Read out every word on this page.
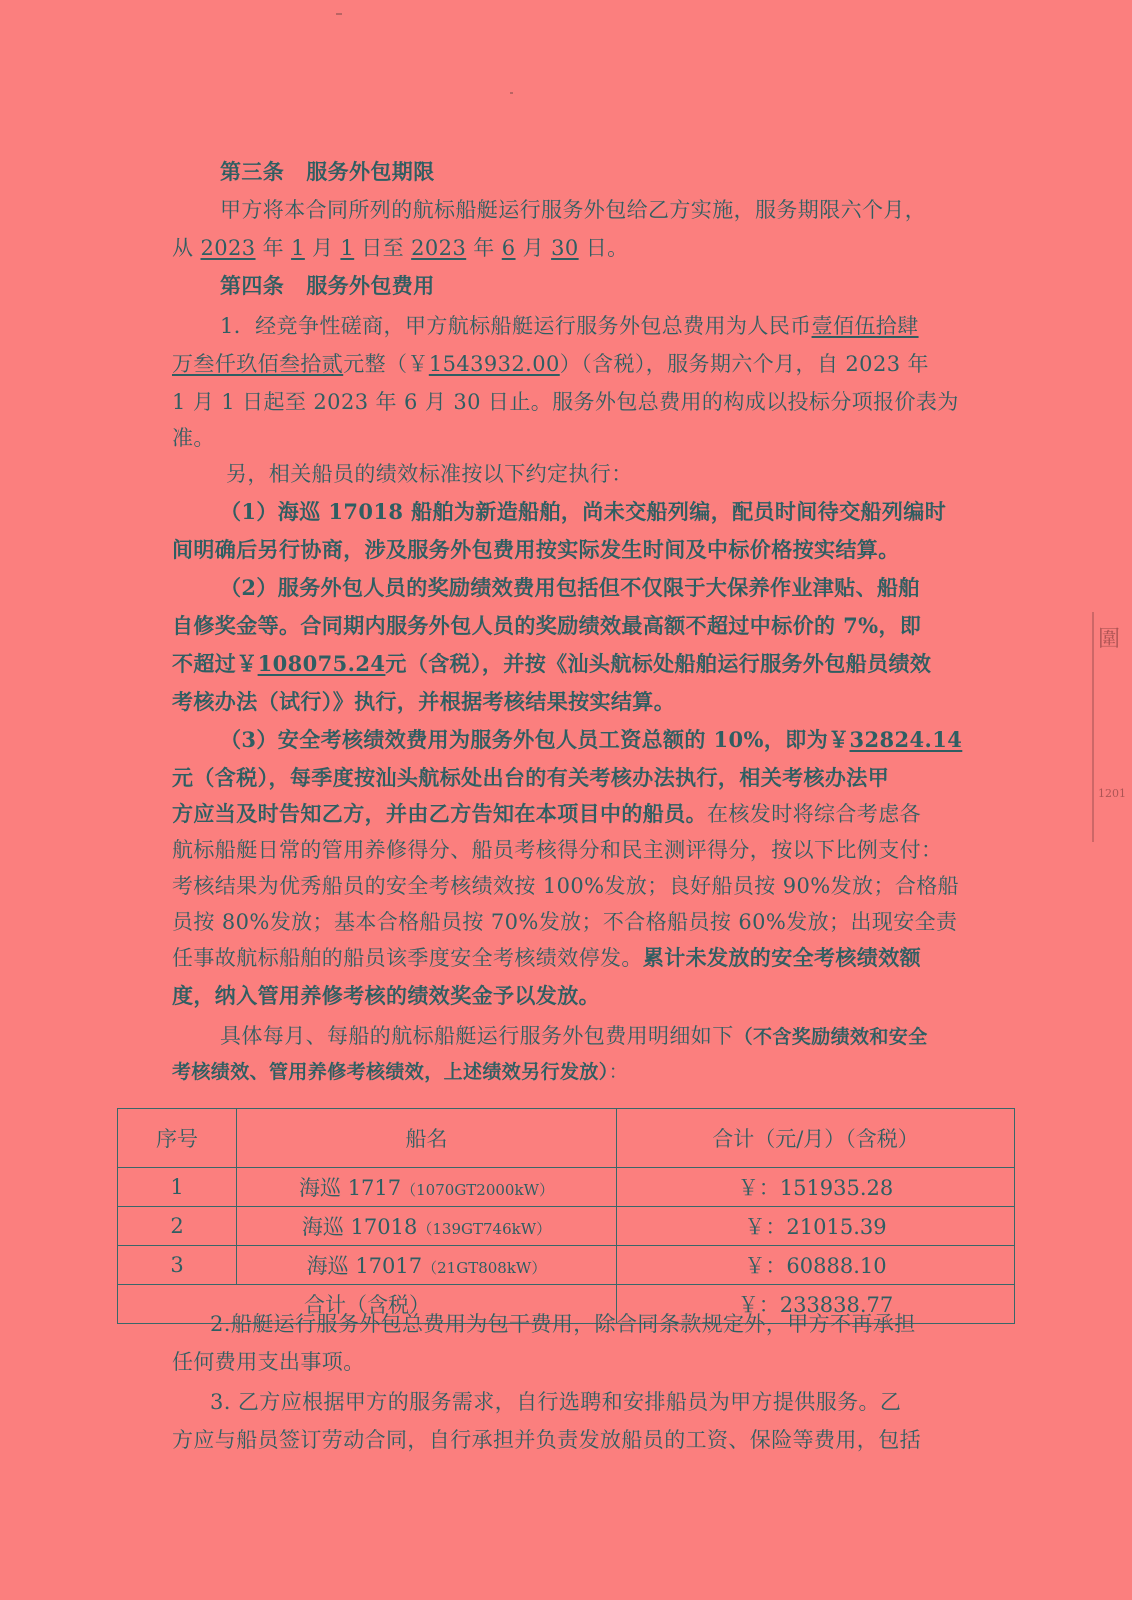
第三条 服务外包期限
甲方将本合同所列的航标船艇运行服务外包给乙方实施，服务期限六个月，
从 2023 年 1 月 1 日至 2023 年 6 月 30 日。
第四条 服务外包费用
1．经竞争性磋商，甲方航标船艇运行服务外包总费用为人民币壹佰伍拾肆
万叁仟玖佰叁拾贰元整（￥1543932.00）（含税），服务期六个月，自 2023 年
1 月 1 日起至 2023 年 6 月 30 日止。服务外包总费用的构成以投标分项报价表为
准。
另，相关船员的绩效标准按以下约定执行：
（1）海巡 17018 船舶为新造船舶，尚未交船列编，配员时间待交船列编时
间明确后另行协商，涉及服务外包费用按实际发生时间及中标价格按实结算。
（2）服务外包人员的奖励绩效费用包括但不仅限于大保养作业津贴、船舶
自修奖金等。合同期内服务外包人员的奖励绩效最高额不超过中标价的 7%，即
不超过￥108075.24元（含税），并按《汕头航标处船舶运行服务外包船员绩效
考核办法（试行）》执行，并根据考核结果按实结算。
（3）安全考核绩效费用为服务外包人员工资总额的 10%，即为￥32824.14
元（含税），每季度按汕头航标处出台的有关考核办法执行，相关考核办法甲
方应当及时告知乙方，并由乙方告知在本项目中的船员。在核发时将综合考虑各
航标船艇日常的管用养修得分、船员考核得分和民主测评得分，按以下比例支付：
考核结果为优秀船员的安全考核绩效按 100%发放；良好船员按 90%发放；合格船
员按 80%发放；基本合格船员按 70%发放；不合格船员按 60%发放；出现安全责
任事故航标船舶的船员该季度安全考核绩效停发。累计未发放的安全考核绩效额
度，纳入管用养修考核的绩效奖金予以发放。
具体每月、每船的航标船艇运行服务外包费用明细如下（不含奖励绩效和安全
考核绩效、管用养修考核绩效，上述绩效另行发放）：
序号	船名	合计（元/月）（含税）
1	海巡 1717（1070GT2000kW）	￥：151935.28
2	海巡 17018（139GT746kW）	￥：21015.39
3	海巡 17017（21GT808kW）	￥：60888.10
合计（含税）		￥：233838.77
2.船艇运行服务外包总费用为包干费用，除合同条款规定外，甲方不再承担
任何费用支出事项。
3. 乙方应根据甲方的服务需求，自行选聘和安排船员为甲方提供服务。乙
方应与船员签订劳动合同，自行承担并负责发放船员的工资、保险等费用，包括
圍
1201
